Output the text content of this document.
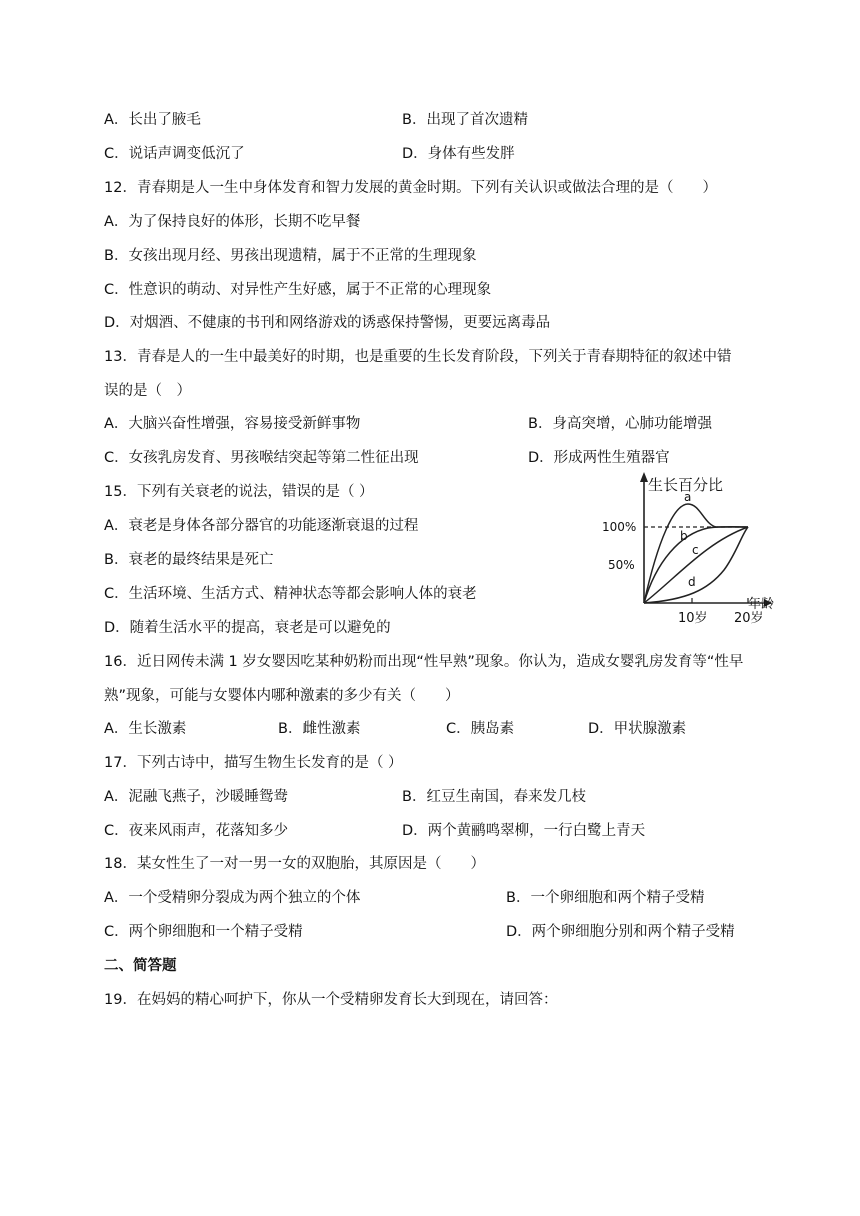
A．长出了腋毛	B．出现了首次遗精
C．说话声调变低沉了	D．身体有些发胖
12．青春期是人一生中身体发育和智力发展的黄金时期。下列有关认识或做法合理的是（　　）
A．为了保持良好的体形，长期不吃早餐
B．女孩出现月经、男孩出现遗精，属于不正常的生理现象
C．性意识的萌动、对异性产生好感，属于不正常的心理现象
D．对烟酒、不健康的书刊和网络游戏的诱惑保持警惕，更要远离毒品
13．青春是人的一生中最美好的时期，也是重要的生长发育阶段，下列关于青春期特征的叙述中错
误的是（　）
A．大脑兴奋性增强，容易接受新鲜事物	B．身高突增，心肺功能增强
C．女孩乳房发育、男孩喉结突起等第二性征出现	D．形成两性生殖器官
15．下列有关衰老的说法，错误的是（ ）
A．衰老是身体各部分器官的功能逐渐衰退的过程
B．衰老的最终结果是死亡
C．生活环境、生活方式、精神状态等都会影响人体的衰老
D．随着生活水平的提高，衰老是可以避免的
生长百分比
年龄
100%
50%
10岁 20岁
a
b
c
d
16．近日网传未满 1 岁女婴因吃某种奶粉而出现“性早熟”现象。你认为，造成女婴乳房发育等“性早
熟”现象，可能与女婴体内哪种激素的多少有关（　　）
A．生长激素	B．雌性激素	C．胰岛素	D．甲状腺激素
17．下列古诗中，描写生物生长发育的是（ ）
A．泥融飞燕子，沙暖睡鸳鸯	B．红豆生南国，春来发几枝
C．夜来风雨声，花落知多少	D．两个黄鹂鸣翠柳，一行白鹭上青天
18．某女性生了一对一男一女的双胞胎，其原因是（　　）
A．一个受精卵分裂成为两个独立的个体	B．一个卵细胞和两个精子受精
C．两个卵细胞和一个精子受精	D．两个卵细胞分别和两个精子受精
二、简答题
19．在妈妈的精心呵护下，你从一个受精卵发育长大到现在，请回答：
